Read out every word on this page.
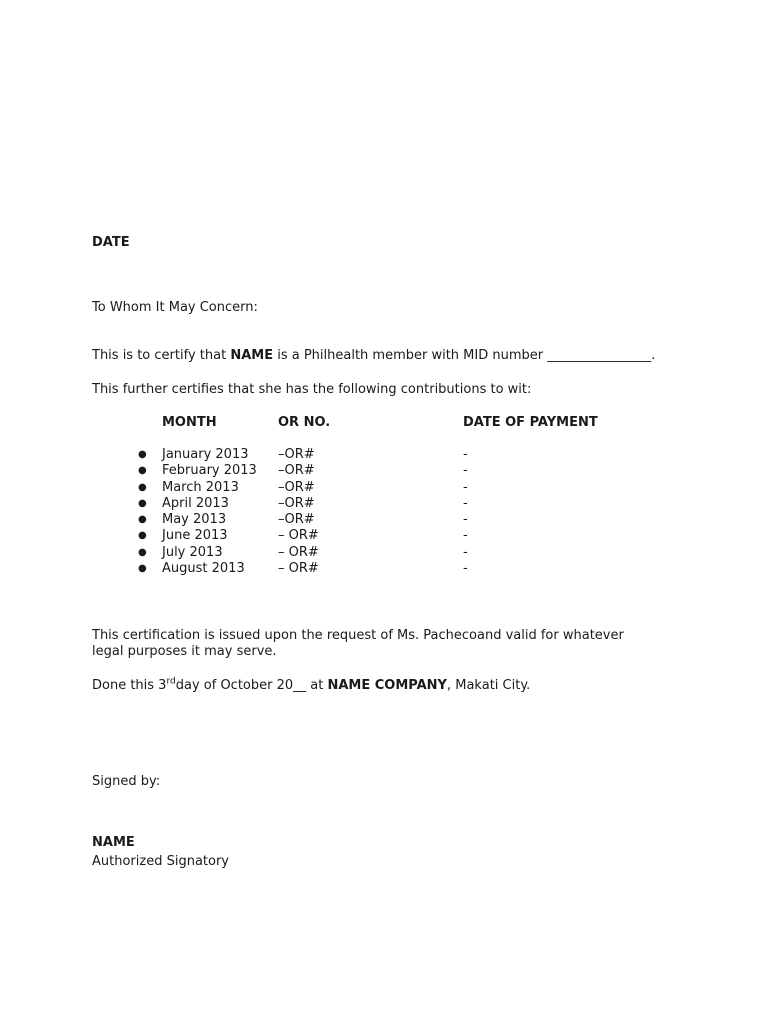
DATE
To Whom It May Concern:
This is to certify that NAME is a Philhealth member with MID number ________________.
This further certifies that she has the following contributions to wit:
MONTH	OR NO.	DATE OF PAYMENT
● January 2013 –OR#	-
● February 2013 –OR#	-
● March 2013	–OR#	-
● April 2013	–OR#	-
● May 2013	–OR#	-
● June 2013	– OR#	-
● July 2013	– OR#	-
● August 2013	– OR#	-
This certification is issued upon the request of Ms. Pachecoand valid for whatever legal purposes it may serve.
Done this 3rdday of October 20__ at NAME COMPANY, Makati City.
Signed by:
NAME
Authorized Signatory
